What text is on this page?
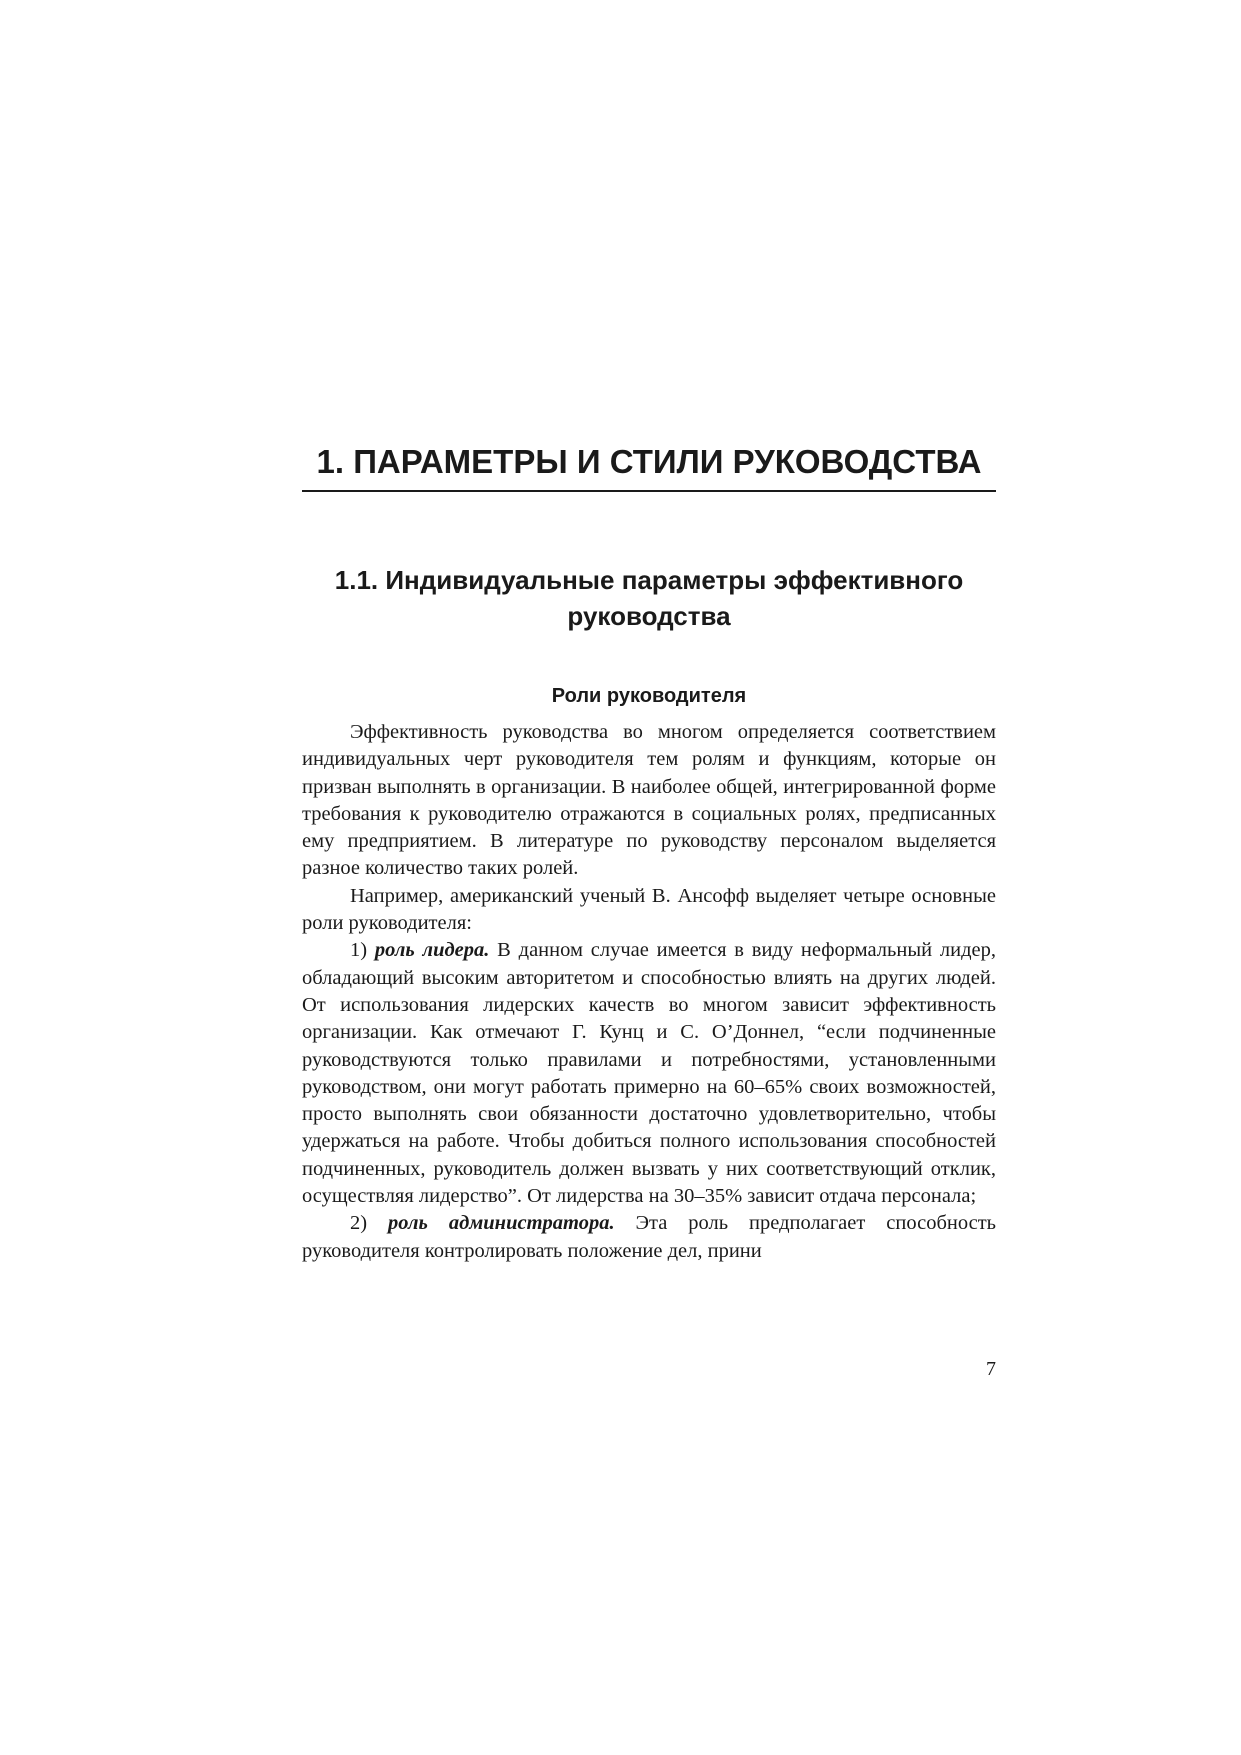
1. ПАРАМЕТРЫ И СТИЛИ РУКОВОДСТВА
1.1. Индивидуальные параметры эффективного руководства
Роли руководителя

Эффективность руководства во многом определяется соответствием индивидуальных черт руководителя тем ролям и функциям, которые он призван выполнять в организации. В наиболее общей, интегрированной форме требования к руководителю отражаются в социальных ролях, предписанных ему предприятием. В литературе по руководству персоналом выделяется разное количество таких ролей.

Например, американский ученый В. Ансофф выделяет четыре основные роли руководителя:

1) роль лидера. В данном случае имеется в виду неформальный лидер, обладающий высоким авторитетом и способностью влиять на других людей. От использования лидерских качеств во многом зависит эффективность организации. Как отмечают Г. Кунц и С. О’Доннел, “если подчиненные руководствуются только правилами и потребностями, установленными руководством, они могут работать примерно на 60–65% своих возможностей, просто выполнять свои обязанности достаточно удовлетворительно, чтобы удержаться на работе. Чтобы добиться полного использования способностей подчиненных, руководитель должен вызвать у них соответствующий отклик, осуществляя лидерство”. От лидерства на 30–35% зависит отдача персонала;

2) роль администратора. Эта роль предполагает способность руководителя контролировать положение дел, прини

7
